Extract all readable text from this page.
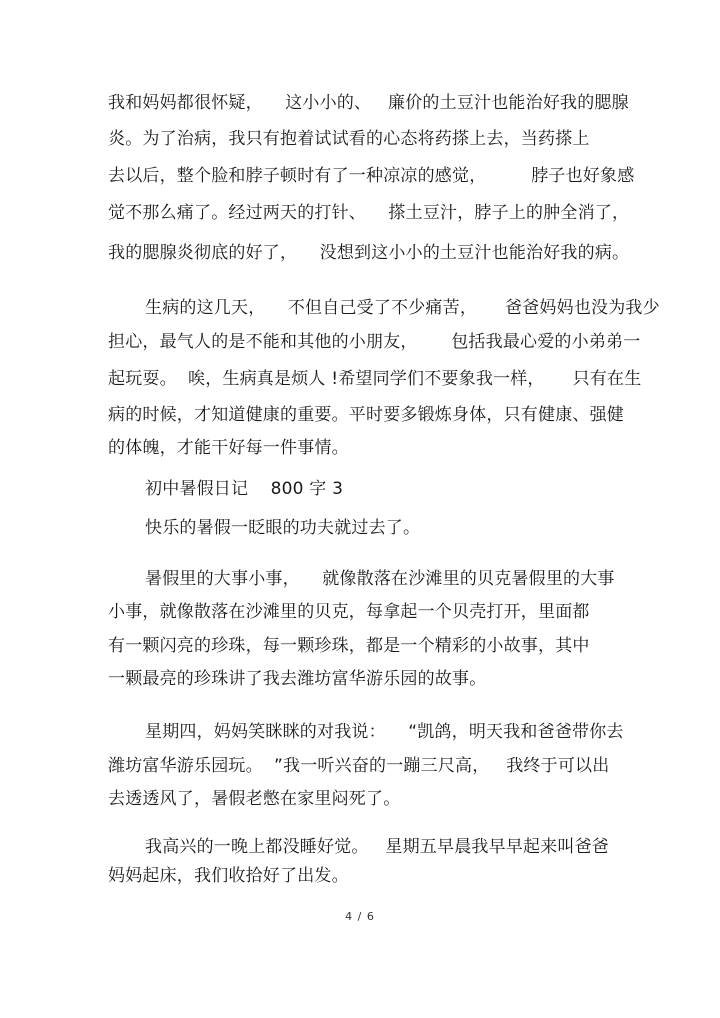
我和妈妈都很怀疑，    这小小的、   廉价的土豆汁也能治好我的腮腺
炎。为了治病，我只有抱着试试看的心态将药搽上去，当药搽上
去以后，整个脸和脖子顿时有了一种凉凉的感觉，        脖子也好象感
觉不那么痛了。经过两天的打针、    搽土豆汁，脖子上的肿全消了，
我的腮腺炎彻底的好了，    没想到这小小的土豆汁也能治好我的病。
生病的这几天，    不但自己受了不少痛苦，     爸爸妈妈也没为我少
担心，最气人的是不能和其他的小朋友，      包括我最心爱的小弟弟一
起玩耍。  唉，生病真是烦人 !希望同学们不要象我一样，     只有在生
病的时候，才知道健康的重要。平时要多锻炼身体，只有健康、强健
的体魄，才能干好每一件事情。
初中暑假日记    800 字 3
快乐的暑假一眨眼的功夫就过去了。
暑假里的大事小事，    就像散落在沙滩里的贝克暑假里的大事
小事，就像散落在沙滩里的贝克，每拿起一个贝壳打开，里面都
有一颗闪亮的珍珠，每一颗珍珠，都是一个精彩的小故事，其中
一颗最亮的珍珠讲了我去潍坊富华游乐园的故事。
星期四，妈妈笑眯眯的对我说：    “凯鸽，明天我和爸爸带你去
潍坊富华游乐园玩。  ”我一听兴奋的一蹦三尺高，   我终于可以出
去透透风了，暑假老憋在家里闷死了。
我高兴的一晚上都没睡好觉。   星期五早晨我早早起来叫爸爸
妈妈起床，我们收拾好了出发。
4 / 6
